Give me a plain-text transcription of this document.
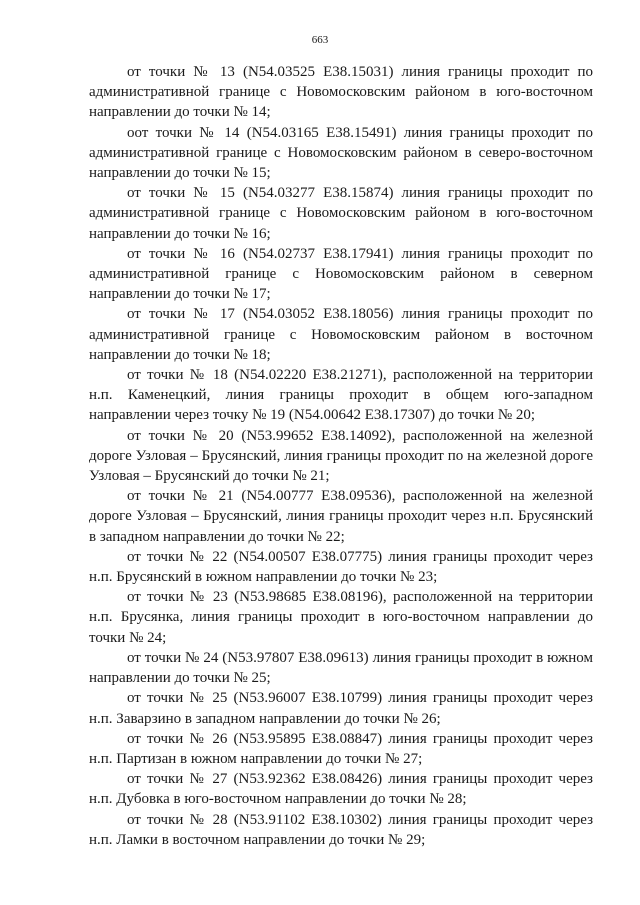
663

от точки № 13 (N54.03525 E38.15031) линия границы проходит по административной границе с Новомосковским районом в юго-восточном направлении до точки № 14;

оот точки № 14 (N54.03165 E38.15491) линия границы проходит по административной границе с Новомосковским районом в северо-восточном направлении до точки № 15;

от точки № 15 (N54.03277 E38.15874) линия границы проходит по административной границе с Новомосковским районом в юго-восточном направлении до точки № 16;

от точки № 16 (N54.02737 E38.17941) линия границы проходит по административной границе с Новомосковским районом в северном направлении до точки № 17;

от точки № 17 (N54.03052 E38.18056) линия границы проходит по административной границе с Новомосковским районом в восточном направлении до точки № 18;

от точки № 18 (N54.02220 E38.21271), расположенной на территории н.п. Каменецкий, линия границы проходит в общем юго-западном направлении через точку № 19 (N54.00642 E38.17307) до точки № 20;

от точки № 20 (N53.99652 E38.14092), расположенной на железной дороге Узловая – Брусянский, линия границы проходит по на железной дороге Узловая – Брусянский до точки № 21;

от точки № 21 (N54.00777 E38.09536), расположенной на железной дороге Узловая – Брусянский, линия границы проходит через н.п. Брусянский в западном направлении до точки № 22;

от точки № 22 (N54.00507 E38.07775) линия границы проходит через н.п. Брусянский в южном направлении до точки № 23;

от точки № 23 (N53.98685 E38.08196), расположенной на территории н.п. Брусянка, линия границы проходит в юго-восточном направлении до точки № 24;

от точки № 24 (N53.97807 E38.09613) линия границы проходит в южном направлении до точки № 25;

от точки № 25 (N53.96007 E38.10799) линия границы проходит через н.п. Заварзино в западном направлении до точки № 26;

от точки № 26 (N53.95895 E38.08847) линия границы проходит через н.п. Партизан в южном направлении до точки № 27;

от точки № 27 (N53.92362 E38.08426) линия границы проходит через н.п. Дубовка в юго-восточном направлении до точки № 28;

от точки № 28 (N53.91102 E38.10302) линия границы проходит через н.п. Ламки в восточном направлении до точки № 29;
